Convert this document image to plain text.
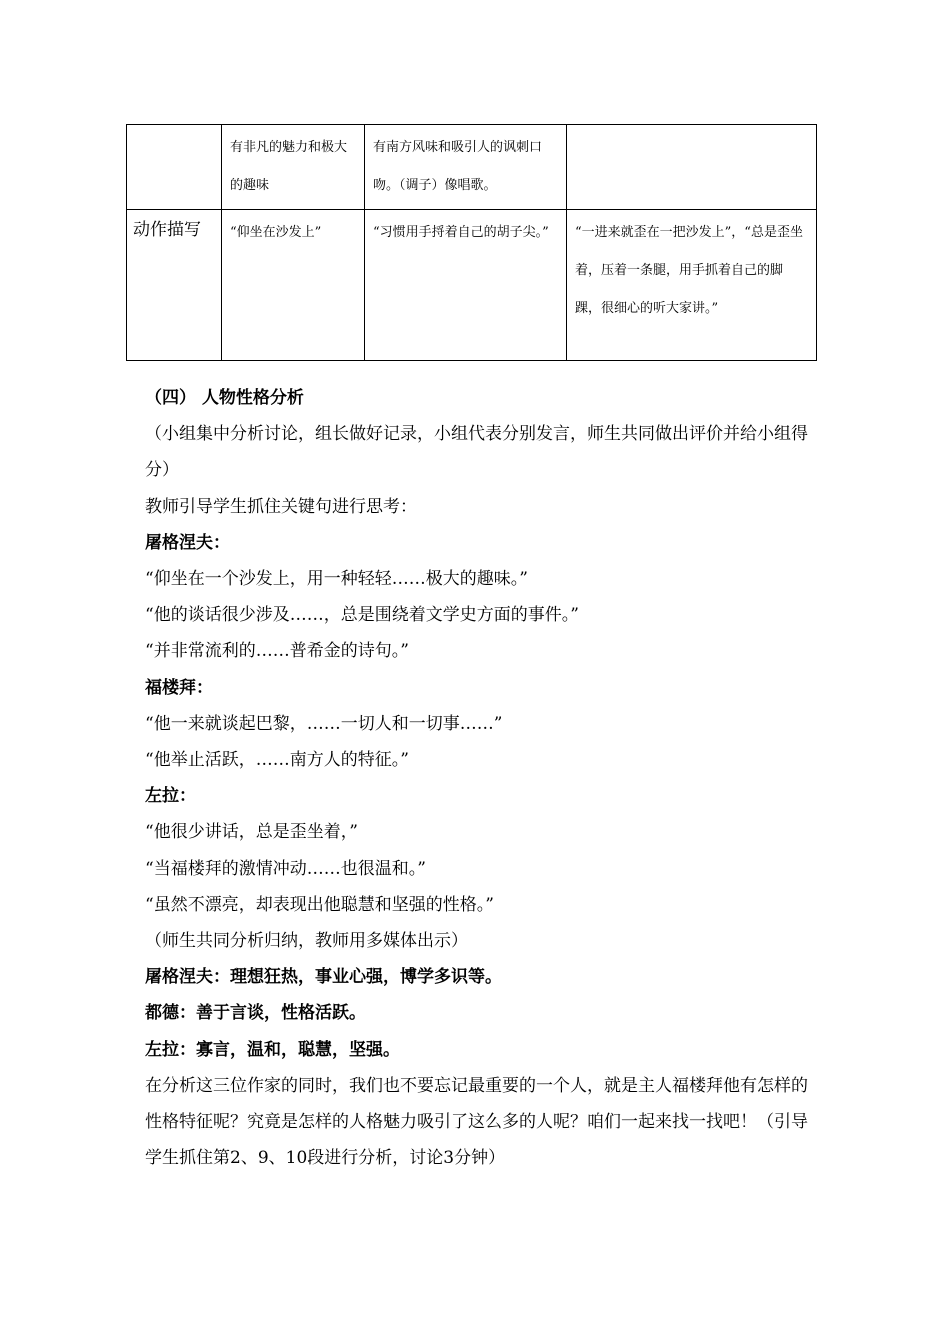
	有非凡的魅力和极大的趣味	有南方风味和吸引人的讽刺口吻。（调子）像唱歌。	
动作描写	“仰坐在沙发上”	“习惯用手捋着自己的胡子尖。”	“一进来就歪在一把沙发上”，“总是歪坐着，压着一条腿，用手抓着自己的脚踝，很细心的听大家讲。”
（四） 人物性格分析
（小组集中分析讨论，组长做好记录，小组代表分别发言，师生共同做出评价并给小组得分）
教师引导学生抓住关键句进行思考：
屠格涅夫：
“仰坐在一个沙发上，用一种轻轻……极大的趣味。”
“他的谈话很少涉及……，总是围绕着文学史方面的事件。”
“并非常流利的……普希金的诗句。”
福楼拜：
“他一来就谈起巴黎，……一切人和一切事……”
“他举止活跃，……南方人的特征。”
左拉：
“他很少讲话，总是歪坐着，”
“当福楼拜的激情冲动……也很温和。”
“虽然不漂亮，却表现出他聪慧和坚强的性格。”
（师生共同分析归纳，教师用多媒体出示）
屠格涅夫：理想狂热，事业心强，博学多识等。
都德：善于言谈，性格活跃。
左拉：寡言，温和，聪慧，坚强。
在分析这三位作家的同时，我们也不要忘记最重要的一个人，就是主人福楼拜他有怎样的性格特征呢？究竟是怎样的人格魅力吸引了这么多的人呢？咱们一起来找一找吧！（引导学生抓住第2、9、10段进行分析，讨论3分钟）
